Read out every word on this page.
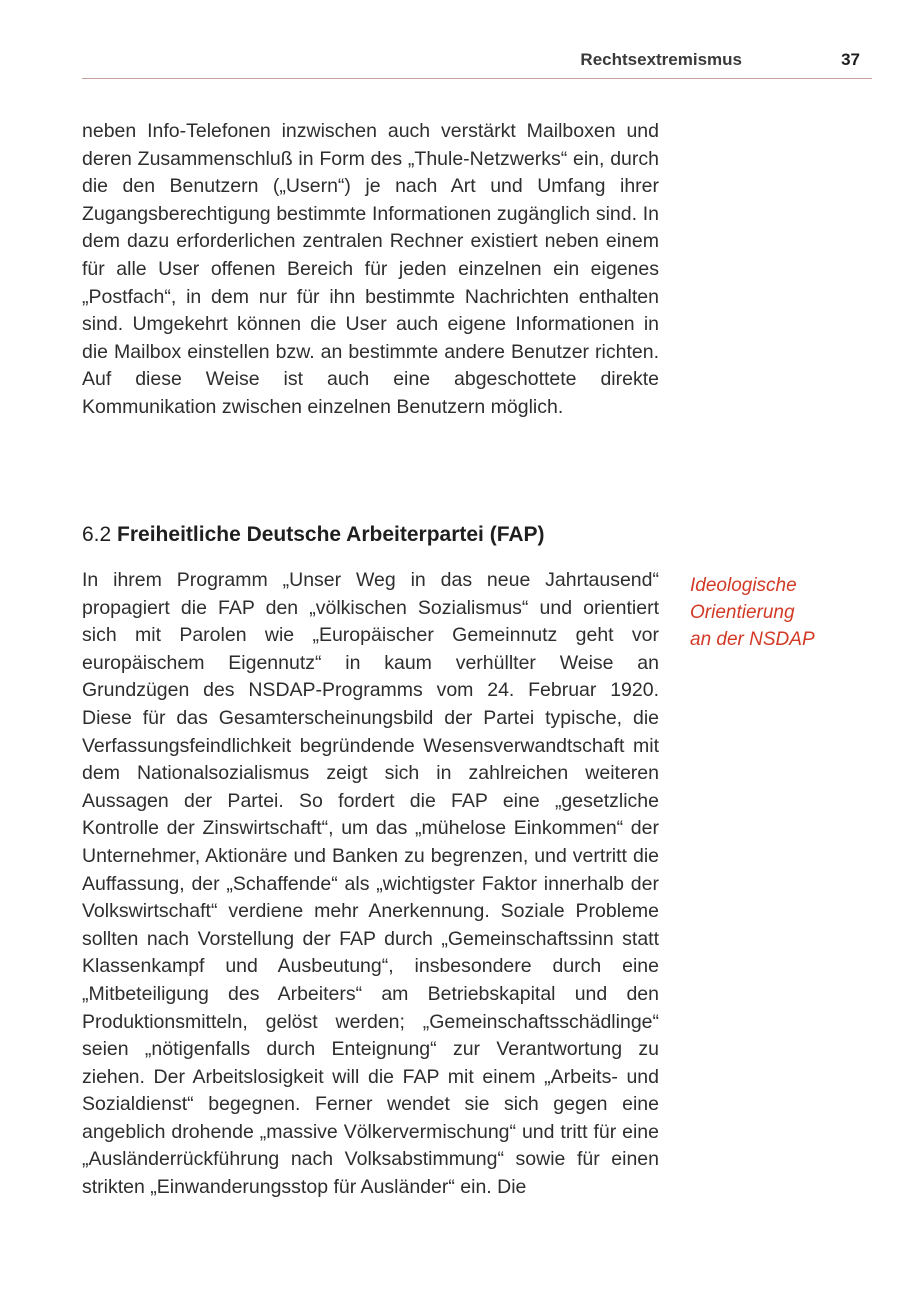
Rechtsextremismus	37

neben Info-Telefonen inzwischen auch verstärkt Mailboxen und deren Zusammenschluß in Form des „Thule-Netzwerks“ ein, durch die den Benutzern („Usern“) je nach Art und Umfang ihrer Zugangsberechtigung bestimmte Informationen zugänglich sind. In dem dazu erforderlichen zentralen Rechner existiert neben einem für alle User offenen Bereich für jeden einzelnen ein eigenes „Postfach“, in dem nur für ihn bestimmte Nachrichten enthalten sind. Umgekehrt können die User auch eigene Informationen in die Mailbox einstellen bzw. an bestimmte andere Benutzer richten. Auf diese Weise ist auch eine abgeschottete direkte Kommunikation zwischen einzelnen Benutzern möglich.

6.2 Freiheitliche Deutsche Arbeiterpartei (FAP)

In ihrem Programm „Unser Weg in das neue Jahrtausend“ propagiert die FAP den „völkischen Sozialismus“ und orientiert sich mit Parolen wie „Europäischer Gemeinnutz geht vor europäischem Eigennutz“ in kaum verhüllter Weise an Grundzügen des NSDAP-Programms vom 24. Februar 1920. Diese für das Gesamterscheinungsbild der Partei typische, die Verfassungsfeindlichkeit begründende Wesensverwandtschaft mit dem Nationalsozialismus zeigt sich in zahlreichen weiteren Aussagen der Partei. So fordert die FAP eine „gesetzliche Kontrolle der Zinswirtschaft“, um das „mühelose Einkommen“ der Unternehmer, Aktionäre und Banken zu begrenzen, und vertritt die Auffassung, der „Schaffende“ als „wichtigster Faktor innerhalb der Volkswirtschaft“ verdiene mehr Anerkennung. Soziale Probleme sollten nach Vorstellung der FAP durch „Gemeinschaftssinn statt Klassenkampf und Ausbeutung“, insbesondere durch eine „Mitbeteiligung des Arbeiters“ am Betriebskapital und den Produktionsmitteln, gelöst werden; „Gemeinschaftsschädlinge“ seien „nötigenfalls durch Enteignung“ zur Verantwortung zu ziehen. Der Arbeitslosigkeit will die FAP mit einem „Arbeits- und Sozialdienst“ begegnen. Ferner wendet sie sich gegen eine angeblich drohende „massive Völkervermischung“ und tritt für eine „Ausländerrückführung nach Volksabstimmung“ sowie für einen strikten „Einwanderungsstop für Ausländer“ ein. Die

Ideologische
Orientierung
an der NSDAP
